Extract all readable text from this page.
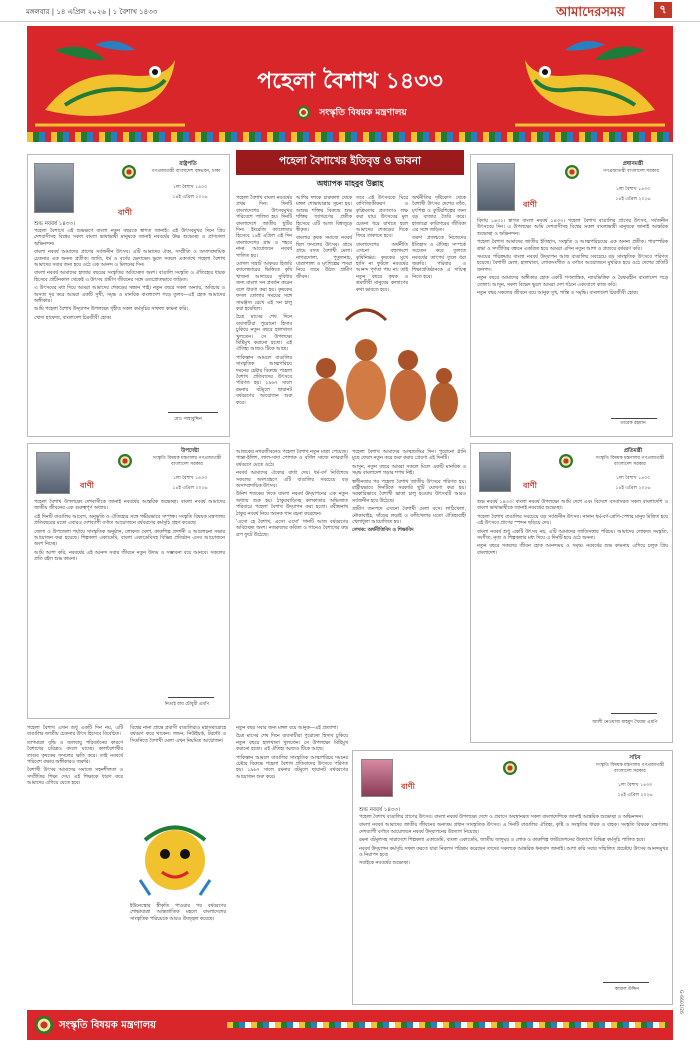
মঙ্গলবার | ১৪ এপ্রিল ২০২৬ | ১ বৈশাখ ১৪৩৩	আমাদেরসময়	৭
পহেলা বৈশাখ ১৪৩৩
সংস্কৃতি বিষয়ক মন্ত্রণালয়
পহেলা বৈশাখের ইতিবৃত্ত ও ভাবনা
অধ্যাপক মাহবুব উল্লাহ
রাষ্ট্রপতি
গণপ্রজাতন্ত্রী বাংলাদেশ বঙ্গভবন, ঢাকা
১লা বৈশাখ ১৪৩৩
১৪ই এপ্রিল ২০২৬
বাণী
শুভ নববর্ষ ১৪৩৩।

পহেলা বৈশাখে এই শুভক্ষণে বাংলা নতুন বছরকে স্বাগত জানাই। এই উৎসবমুখর দিনে প্রিয় দেশবাসীসহ বিশ্বের সকল বাংলা ভাষাভাষী মানুষকে জানাই নববর্ষের উষ্ণ শুভেচ্ছা ও প্রাণঢালা অভিনন্দন।

বাংলা নববর্ষ আমাদের প্রাণের সর্বজনীন উৎসব। এটি আমাদের ঐক্য, সম্প্রীতি ও অসাম্প্রদায়িক চেতনার এক অনন্য প্রতীক। জাতি, ধর্ম ও বর্ণের ভেদাভেদ ভুলে সকলে একসাথে পহেলা বৈশাখ আমাদের সবার জন্য হয়ে ওঠে এক আনন্দ ও মিলনের দিন।

বাংলা নববর্ষ আমাদের হাজার বছরের সংস্কৃতির অবিচ্ছেদ্য অংশ। বাঙালি সংস্কৃতি ও ঐতিহ্যের ধারক হিসেবে প্রাচীনকাল থেকেই এ উৎসব গ্রামীণ জীবনের সঙ্গে ওতপ্রোতভাবে জড়িত।

এ উৎসবের মধ্য দিয়ে আমরা আমাদের শেকড়ের সন্ধান পাই। নতুন বছরে সকল অন্যায়, অবিচার ও অসত্য দূর করে আমরা একটি সুখী, সমৃদ্ধ ও মানবিক বাংলাদেশ গড়ে তুলব—এই হোক আমাদের অঙ্গীকার।

আমি পহেলা বৈশাখ উদ্‌যাপন উপলক্ষ্যে গৃহীত সকল কর্মসূচির সাফল্য কামনা করি।

খোদা হাফেজ, বাংলাদেশ চিরজীবী হোক।

মোঃ সাহাবুদ্দিন
প্রধানমন্ত্রী
গণপ্রজাতন্ত্রী বাংলাদেশ সরকার
১লা বৈশাখ ১৪৩৩
১৪ই এপ্রিল ২০২৬
বাণী

বিদায় ১৪৩২। স্বাগত বাংলা নববর্ষ ১৪৩৩। পহেলা বৈশাখ বাঙালির প্রাণের উৎসব, সর্বজনীন উৎসবের দিন। এ উপলক্ষ্যে আমি দেশবাসীসহ বিশ্বের সকল বাংলাভাষী মানুষকে জানাই আন্তরিক শুভেচ্ছা ও অভিনন্দন।

পহেলা বৈশাখ আমাদের জাতীয় ইতিহাস, সংস্কৃতি ও আত্মপরিচয়ের এক অনন্য প্রতীক। পারস্পরিক শ্রদ্ধা ও সম্প্রীতির বন্ধনে একত্রিত হয়ে আমরা এদিন নতুন আশা ও প্রত্যয়ে বর্ষবরণ করি।

সময়ের পরিক্রমায় বাংলা নববর্ষ উদ্‌যাপন আজ বাঙালির সবচেয়ে বড় সাংস্কৃতিক উৎসবে পরিণত হয়েছে। বৈশাখী মেলা, হালখাতা, লোকসংগীত ও বর্ণাঢ্য আয়োজনে মুখরিত হয়ে ওঠে দেশের প্রতিটি জনপদ।

নতুন বছরে আমাদের অঙ্গীকার হোক একটি গণতান্ত্রিক, ন্যায়ভিত্তিক ও বৈষম্যহীন বাংলাদেশ গড়ে তোলা। আসুন, সকল বিভেদ ভুলে আমরা দেশ গঠনে একযোগে কাজ করি।

নতুন বছর সকলের জীবনে বয়ে আনুক সুখ, শান্তি ও সমৃদ্ধি। বাংলাদেশ চিরজীবী হোক।

তারেক রহমান

পহেলা বৈশাখ বাংলা নববর্ষের প্রথম দিন। দিনটি বাংলাদেশের উৎসবমুখর পরিবেশে পালিত হয়। দিনটি বাংলাদেশে জাতীয় ছুটির দিন। ইংরেজি ক্যালেন্ডার হিসেবে ১৪ই এপ্রিল এই দিন বাংলাদেশের গ্রাম ও শহরে নানা আয়োজনে নববর্ষ পালিত হয়।

মোগল সম্রাট আকবর হিজরি ক্যালেন্ডারের ভিত্তিতে কৃষি খাজনা আদায়ের সুবিধার জন্য বাংলা সন প্রবর্তন করেন বলে ধারণা করা হয়। কৃষকের ফসল তোলার সময়ের সঙ্গে সামঞ্জস্য রেখে এই সন চালু করা হয়েছিল।

চৈত্র মাসের শেষ দিনে ব্যবসায়ীরা পুরোনো হিসাব চুকিয়ে নতুন বছরে হালখাতা খুলতেন। সে উপলক্ষ্যে মিষ্টিমুখ করানো হতো। এই ঐতিহ্য আজও টিকে আছে।

পাকিস্তান আমলে বাঙালির সাংস্কৃতিক আত্মপরিচয় দমনের চেষ্টার বিরুদ্ধে পহেলা বৈশাখ প্রতিবাদের উৎসবে পরিণত হয়। ১৯৬৭ সালে রমনার বটমূলে ছায়ানট বর্ষবরণের আয়োজন শুরু করে।

আশির দশকে চারুকলা থেকে মঙ্গল শোভাযাত্রার সূচনা হয়। অশুভ শক্তির বিরুদ্ধে শুভ শক্তির জাগরণের প্রতীক হিসেবে এটি আজ বিশ্বজুড়ে স্বীকৃত।

বাংলার কৃষক সমাজে নববর্ষ ছিল ফসলের উৎসব। গ্রামে গ্রামে বসত বৈশাখী মেলা। নাগরদোলা, পুতুলনাচ, যাত্রাপালা ও মৃৎশিল্পের পসরা নিয়ে জমে উঠত গ্রামীণ জীবন।

তবে এই উৎসবকে ঘিরে বাণিজ্যিকীকরণ ও কৃত্রিমতার প্রবণতাও লক্ষ করা যায়। উৎসবের মূল চেতনা ধরে রাখতে হলে আমাদের শেকড়ের দিকে ফিরে তাকাতে হবে।

বাংলাদেশের অর্থনীতি এখনো বহুলাংশে কৃষিনির্ভর। কৃষকের মুখে হাসি না ফুটলে নববর্ষের আনন্দ পূর্ণতা পায় না। তাই নতুন বছরে কৃষক ও শ্রমজীবী মানুষের কল্যাণের কথা ভাবতে হবে।

অর্থনীতির দৃষ্টিকোণ থেকে বৈশাখী উৎসব দেশের তাঁত, মৃৎশিল্প ও কুটিরশিল্পের জন্য বড় বাজার তৈরি করে। হাজারো কারিগরের জীবিকা এর সঙ্গে জড়িত।

তরুণ প্রজন্মকে নিজেদের ইতিহাস ও ঐতিহ্য সম্পর্কে সচেতন করে তুলতে নববর্ষের তাৎপর্য তুলে ধরা জরুরি। পরিবার ও শিক্ষাপ্রতিষ্ঠানকে এ দায়িত্ব নিতে হবে।

উপদেষ্টা
সংস্কৃতি বিষয়ক মন্ত্রণালয় গণপ্রজাতন্ত্রী বাংলাদেশ সরকার
১লা বৈশাখ ১৪৩৩
১৪ই এপ্রিল ২০২৬
বাণী

পহেলা বৈশাখ উপলক্ষ্যে দেশবাসীকে জানাই নববর্ষের আন্তরিক শুভেচ্ছা। বাংলা নববর্ষ আমাদের জাতীয় জীবনের এক গুরুত্বপূর্ণ অধ্যায়।

এই দিনটি বাঙালির আবেগ, অনুভূতি ও ঐতিহ্যের সঙ্গে গভীরভাবে সম্পৃক্ত। সংস্কৃতি বিষয়ক মন্ত্রণালয় প্রতিবছরের মতো এবারও দেশব্যাপী বর্ণাঢ্য আয়োজনে বর্ষবরণের কর্মসূচি গ্রহণ করেছে।

জেলা ও উপজেলা পর্যায়ে সাংস্কৃতিক অনুষ্ঠান, লোকজ মেলা, কারুশিল্প প্রদর্শনী ও আলোচনা সভার আয়োজন করা হয়েছে। শিল্পকলা একাডেমি, বাংলা একাডেমিসহ বিভিন্ন প্রতিষ্ঠান এসব আয়োজনে অংশ নিচ্ছে।

আমি আশা করি, নববর্ষের এই আনন্দ সবার জীবনে নতুন উদ্যম ও সম্ভাবনা বয়ে আনবে। সকলের প্রতি রইল শুভ কামনা।

নিতাই রায় চৌধুরী এমপি

আজকের নগরজীবনেও পহেলা বৈশাখ নতুন মাত্রা পেয়েছে। পান্তা-ইলিশ, লাল-সাদা পোশাক ও বর্ণিল সাজে নগরবাসী বর্ষবরণে মেতে ওঠে।

নববর্ষ আমাদের ঐক্যের বার্তা দেয়। ধর্ম-বর্ণ নির্বিশেষে সকলের অংশগ্রহণে এটি বাঙালির সবচেয়ে বড় অসাম্প্রদায়িক উৎসব।

উনিশ শতকের দিকে বাংলা নববর্ষ উদ্‌যাপনের এক নতুন অধ্যায় শুরু হয়। ঠাকুরবাড়িসহ কলকাতার অভিজাত পরিবারে পহেলা বৈশাখ উদ্‌যাপন করা হতো। রবীন্দ্রনাথ ঠাকুর নববর্ষ নিয়ে অনেক গান রচনা করেছেন।

'এসো হে বৈশাখ, এসো এসো' গানটি আজ বর্ষবরণের অবিচ্ছেদ্য অংশ। নজরুলের কবিতা ও গানেও বৈশাখের রুদ্র রূপ ফুটে উঠেছে।

পহেলা বৈশাখ আমাদের আত্মশুদ্ধির দিন। পুরোনো গ্লানি মুছে ফেলে নতুন করে শুরু করার প্রেরণা এই দিনটি।

আসুন, নতুন বছরে আমরা সকলে মিলে একটি মানবিক ও সমৃদ্ধ বাংলাদেশ গড়ার শপথ নিই।

স্বাধীনতার পর পহেলা বৈশাখ জাতীয় উৎসবে পরিণত হয়। রাষ্ট্রীয়ভাবে দিনটিকে সরকারি ছুটি ঘোষণা করা হয়। সরকারিভাবে বৈশাখী ভাতা চালু হওয়ায় উৎসবটি আরও সর্বজনীন হয়ে উঠেছে।

গ্রামীণ জনপদে এখনো বৈশাখী মেলা বসে। লাঠিখেলা, নৌকাবাইচ, ষাঁড়ের লড়াই ও বলীখেলার মতো ঐতিহ্যবাহী খেলাধুলা আয়োজিত হয়।

লেখক: অর্থনীতিবিদ ও শিক্ষাবিদ

প্রতিমন্ত্রী
সংস্কৃতি বিষয়ক মন্ত্রণালয় গণপ্রজাতন্ত্রী বাংলাদেশ সরকার
১লা বৈশাখ ১৪৩৩
১৪ই এপ্রিল ২০২৬
বাণী

শুভ নববর্ষ ১৪৩৩। বাংলা নববর্ষ উপলক্ষ্যে আমি দেশে এবং বিদেশে বসবাসরত সকল বাংলাদেশি ও বাংলা ভাষাভাষীকে জানাই নববর্ষের শুভেচ্ছা।

পহেলা বৈশাখ বাঙালির সবচেয়ে বড় সর্বজনীন উৎসব। নানান ধর্ম-বর্ণ-শ্রেণি-পেশার মানুষ মিলিত হয়ে এই উৎসবে প্রাণের স্পন্দন ছড়িয়ে দেয়।

বাংলা নববর্ষ শুধু একটি উৎসব নয়, এটি আমাদের জাতিসত্তার পরিচয়। আমাদের লোকজ সংস্কৃতি, সংগীত, নৃত্য ও শিল্পকলার মধ্য দিয়ে এ দিনটি হয়ে ওঠে অনন্য।

নতুন বছরে সকলের জীবন হোক আনন্দময় ও সমৃদ্ধ। নববর্ষের শুভ কামনায় এগিয়ে চলুক প্রিয় বাংলাদেশ।

আলী নেওয়াজ মাহমুদ খৈয়াম এমপি

পহেলা বৈশাখ এখন শুধু একটি দিন নয়, এটি বাঙালির জাতীয় চেতনার উৎস হিসেবে বিবেচিত।

তাপমাত্রা বৃদ্ধি ও জলবায়ু পরিবর্তনের কারণে বৈশাখের চরিত্রও বদলে যাচ্ছে। কালবৈশাখীর তাণ্ডব কৃষকের ফসলের ক্ষতি করে। তাই নববর্ষে পরিবেশ রক্ষার অঙ্গীকারও জরুরি।

বৈশাখী উৎসব আমাদের সমাজে সহনশীলতা ও সম্প্রীতির শিক্ষা দেয়। এই শিক্ষাকে ধারণ করে আমাদের এগিয়ে যেতে হবে।

বিশ্বের নানা প্রান্তে প্রবাসী বাঙালিরাও মহাসমারোহে বর্ষবরণ করে থাকেন। লন্ডন, নিউইয়র্ক, টরন্টো ও সিডনিতে বৈশাখী মেলা এখন নিয়মিত আয়োজন।

ইউনেস্কোর স্বীকৃতি পাওয়ার পর বর্ষবরণের শোভাযাত্রা আন্তর্জাতিক মহলে বাংলাদেশের সাংস্কৃতিক পরিচয়কে আরও উজ্জ্বল করেছে।

নতুন বছর সবার জন্য মঙ্গল বয়ে আনুক—এই প্রত্যাশা।

চৈত্র মাসের শেষ দিনে ব্যবসায়ীরা পুরোনো হিসাব চুকিয়ে নতুন বছরে হালখাতা খুলতেন। সে উপলক্ষ্যে মিষ্টিমুখ করানো হতো। এই ঐতিহ্য আজও টিকে আছে।

পাকিস্তান আমলে বাঙালির সাংস্কৃতিক আত্মপরিচয় দমনের চেষ্টার বিরুদ্ধে পহেলা বৈশাখ প্রতিবাদের উৎসবে পরিণত হয়। ১৯৬৭ সালে রমনার বটমূলে ছায়ানট বর্ষবরণের আয়োজন শুরু করে।

সচিব
সংস্কৃতি বিষয়ক মন্ত্রণালয় গণপ্রজাতন্ত্রী বাংলাদেশ সরকার
১লা বৈশাখ ১৪৩৩
১৪ই এপ্রিল ২০২৬
বাণী
শুভ নববর্ষ ১৪৩৩।

পহেলা বৈশাখ বাঙালির প্রাণের উৎসব। বাংলা নববর্ষ উপলক্ষ্যে দেশে ও প্রবাসে অবস্থানরত সকল বাংলাদেশিকে জানাই আন্তরিক শুভেচ্ছা ও অভিনন্দন।

বাংলা নববর্ষ আমাদের জাতীয় জীবনের অন্যতম প্রধান সাংস্কৃতিক উৎসব। এ দিনটি বাঙালির ঐতিহ্য, কৃষ্টি ও সংস্কৃতির ধারক ও বাহক। সংস্কৃতি বিষয়ক মন্ত্রণালয় দেশব্যাপী বর্ণাঢ্য আয়োজনে নববর্ষ উদ্‌যাপনের উদ্যোগ নিয়েছে।

রমনা বটমূলসহ সারাদেশে শিল্পকলা একাডেমি, বাংলা একাডেমি, জাতীয় জাদুঘর ও লোক ও কারুশিল্প ফাউন্ডেশনের উদ্যোগে বিভিন্ন কর্মসূচি পালিত হবে।

নববর্ষ উদ্‌যাপন কর্মসূচি সফল করতে যারা নিরলস পরিশ্রম করেছেন তাদের সকলকে আন্তরিক ধন্যবাদ জানাই। আশা করি সবার সম্মিলিত প্রচেষ্টায় উৎসব আনন্দমুখর ও নিরাপদ হবে।

সবাইকে নববর্ষের শুভেচ্ছা।

কামাল উদ্দিন
সংস্কৃতি বিষয়ক মন্ত্রণালয়
G-6601/26
